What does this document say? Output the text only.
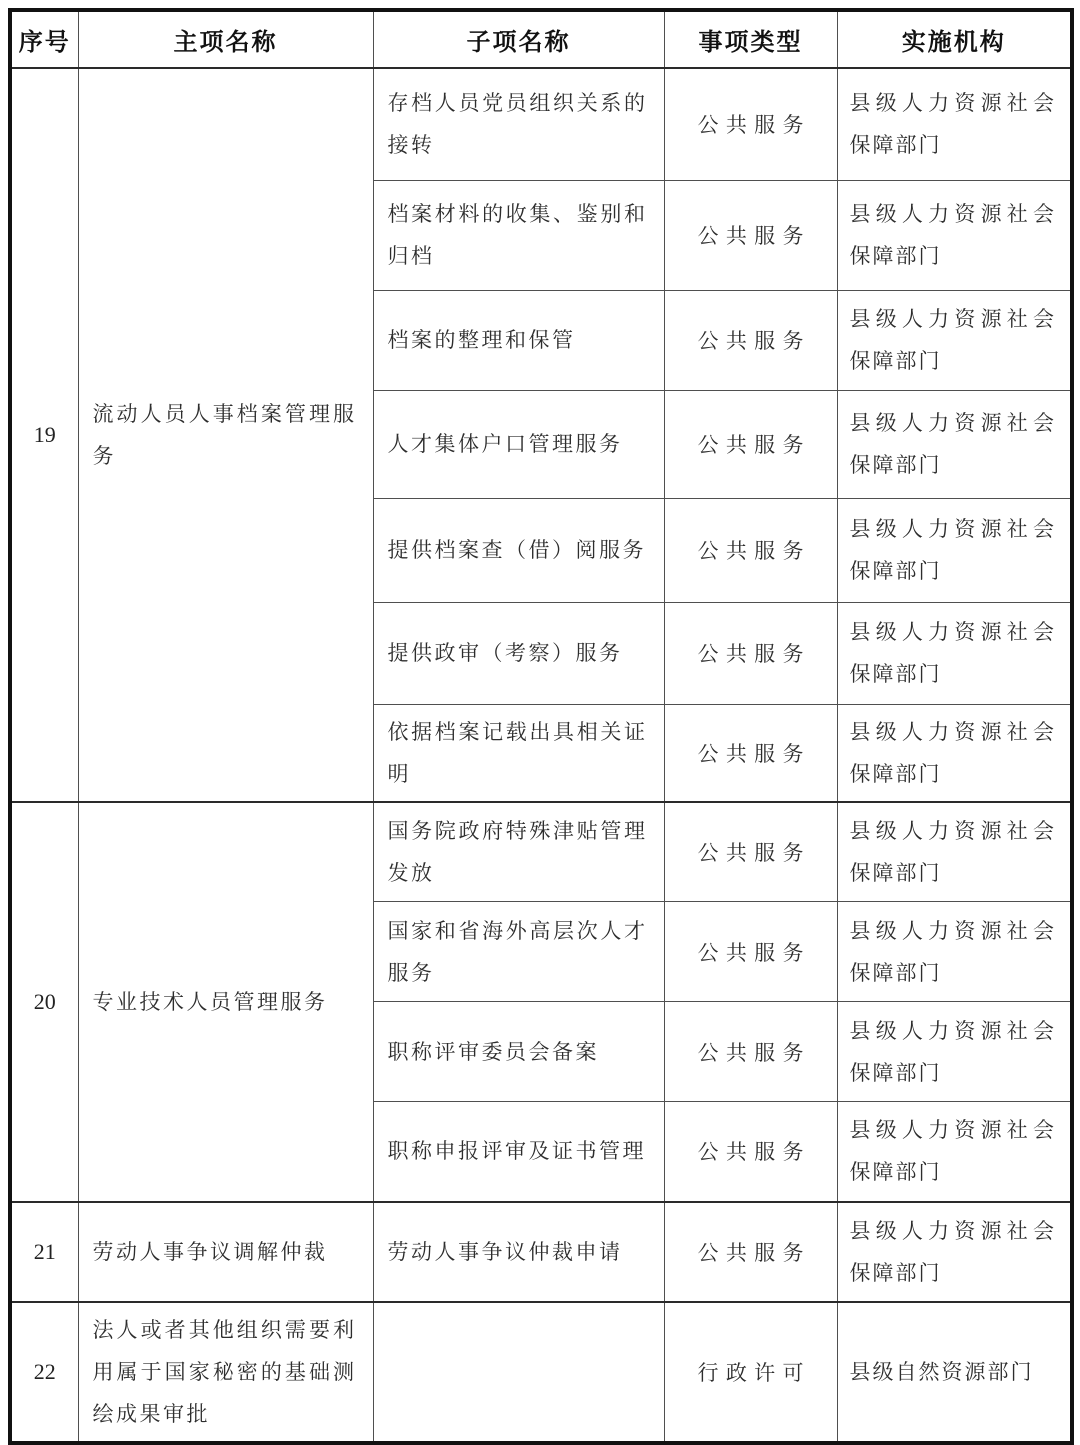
序号	主项名称	子项名称	事项类型	实施机构
19	流动人员人事档案管理服务	存档人员党员组织关系的接转	公共服务	县级人力资源社会保障部门

		档案材料的收集、鉴别和归档	公共服务	县级人力资源社会保障部门

		档案的整理和保管	公共服务	县级人力资源社会保障部门

		人才集体户口管理服务	公共服务	县级人力资源社会保障部门

		提供档案查（借）阅服务	公共服务	县级人力资源社会保障部门

		提供政审（考察）服务	公共服务	县级人力资源社会保障部门

		依据档案记载出具相关证明	公共服务	县级人力资源社会保障部门

20	专业技术人员管理服务	国务院政府特殊津贴管理发放	公共服务	县级人力资源社会保障部门

		国家和省海外高层次人才服务	公共服务	县级人力资源社会保障部门

		职称评审委员会备案	公共服务	县级人力资源社会保障部门

		职称申报评审及证书管理	公共服务	县级人力资源社会保障部门

21	劳动人事争议调解仲裁	劳动人事争议仲裁申请	公共服务	县级人力资源社会保障部门

22	法人或者其他组织需要利用属于国家秘密的基础测绘成果审批		行政许可	县级自然资源部门
